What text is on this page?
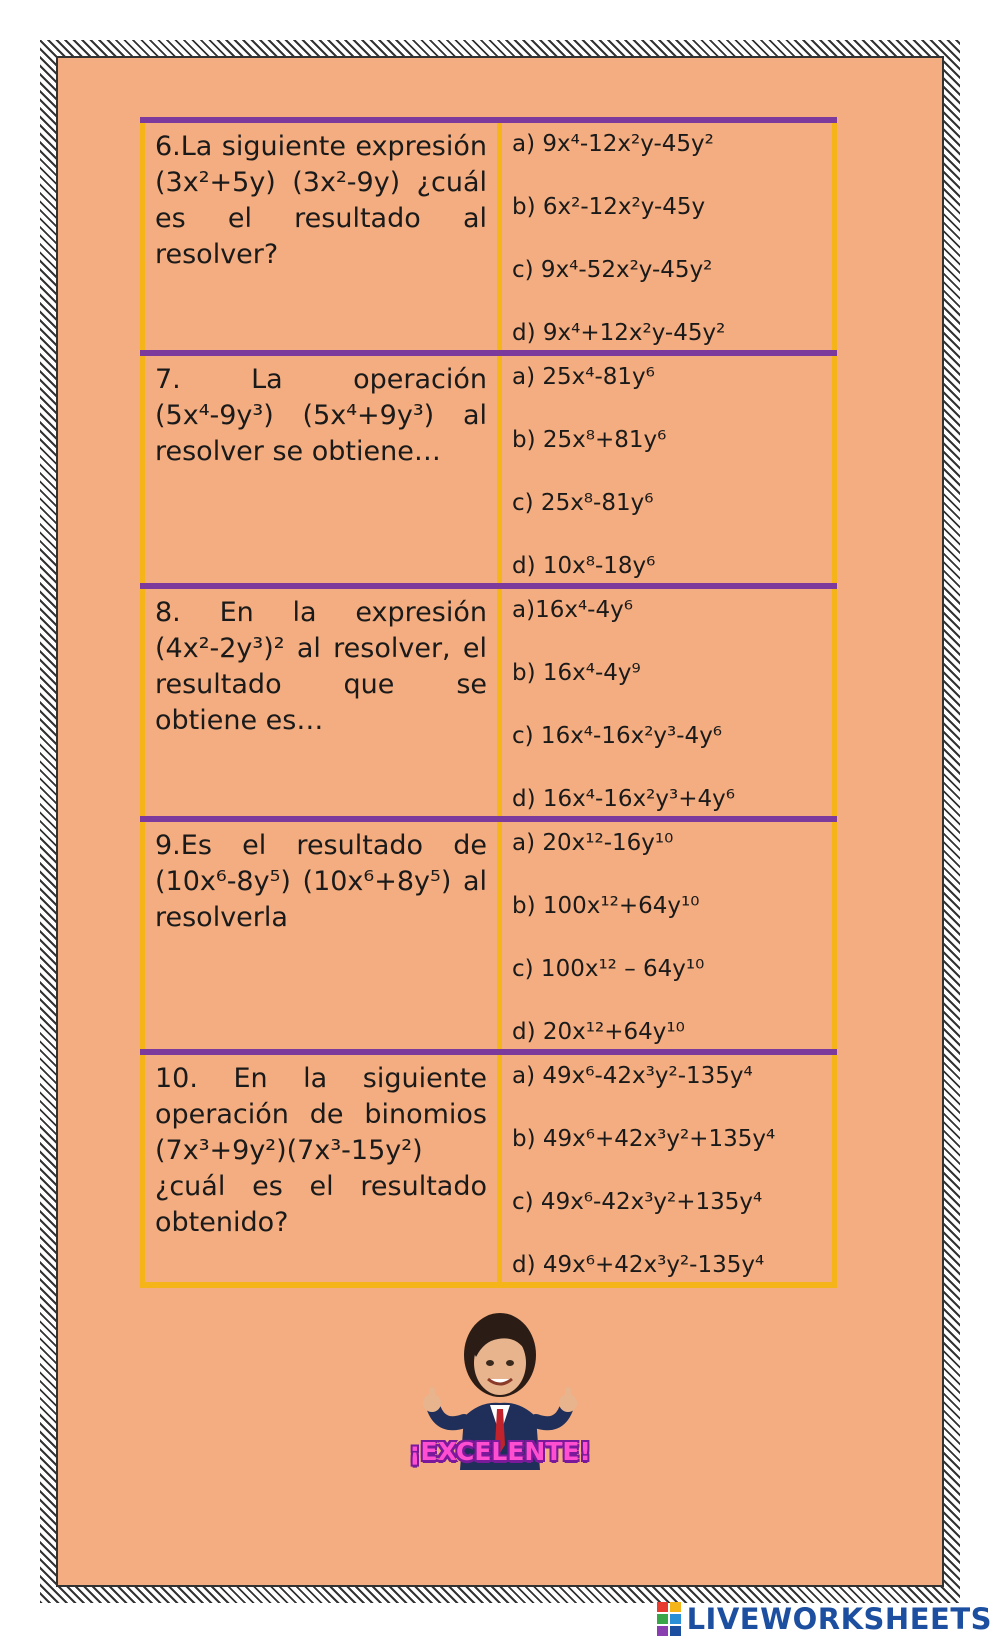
6.La siguiente expresión (3x²+5y) (3x²-9y) ¿cuál es el resultado al resolver?	a) 9x⁴-12x²y-45y²
b) 6x²-12x²y-45y
c) 9x⁴-52x²y-45y²
d) 9x⁴+12x²y-45y²

7. La operación (5x⁴-9y³) (5x⁴+9y³) al resolver se obtiene…	a) 25x⁴-81y⁶
b) 25x⁸+81y⁶
c) 25x⁸-81y⁶
d) 10x⁸-18y⁶

8. En la expresión (4x²-2y³)² al resolver, el resultado que se obtiene es…	a)16x⁴-4y⁶
b) 16x⁴-4y⁹
c) 16x⁴-16x²y³-4y⁶
d) 16x⁴-16x²y³+4y⁶

9.Es el resultado de (10x⁶-8y⁵) (10x⁶+8y⁵) al resolverla	a) 20x¹²-16y¹⁰
b) 100x¹²+64y¹⁰
c) 100x¹² – 64y¹⁰
d) 20x¹²+64y¹⁰

10. En la siguiente operación de binomios (7x³+9y²)(7x³-15y²) ¿cuál es el resultado obtenido?	a) 49x⁶-42x³y²-135y⁴
b) 49x⁶+42x³y²+135y⁴
c) 49x⁶-42x³y²+135y⁴
d) 49x⁶+42x³y²-135y⁴
¡EXCELENTE!
LIVEWORKSHEETS
